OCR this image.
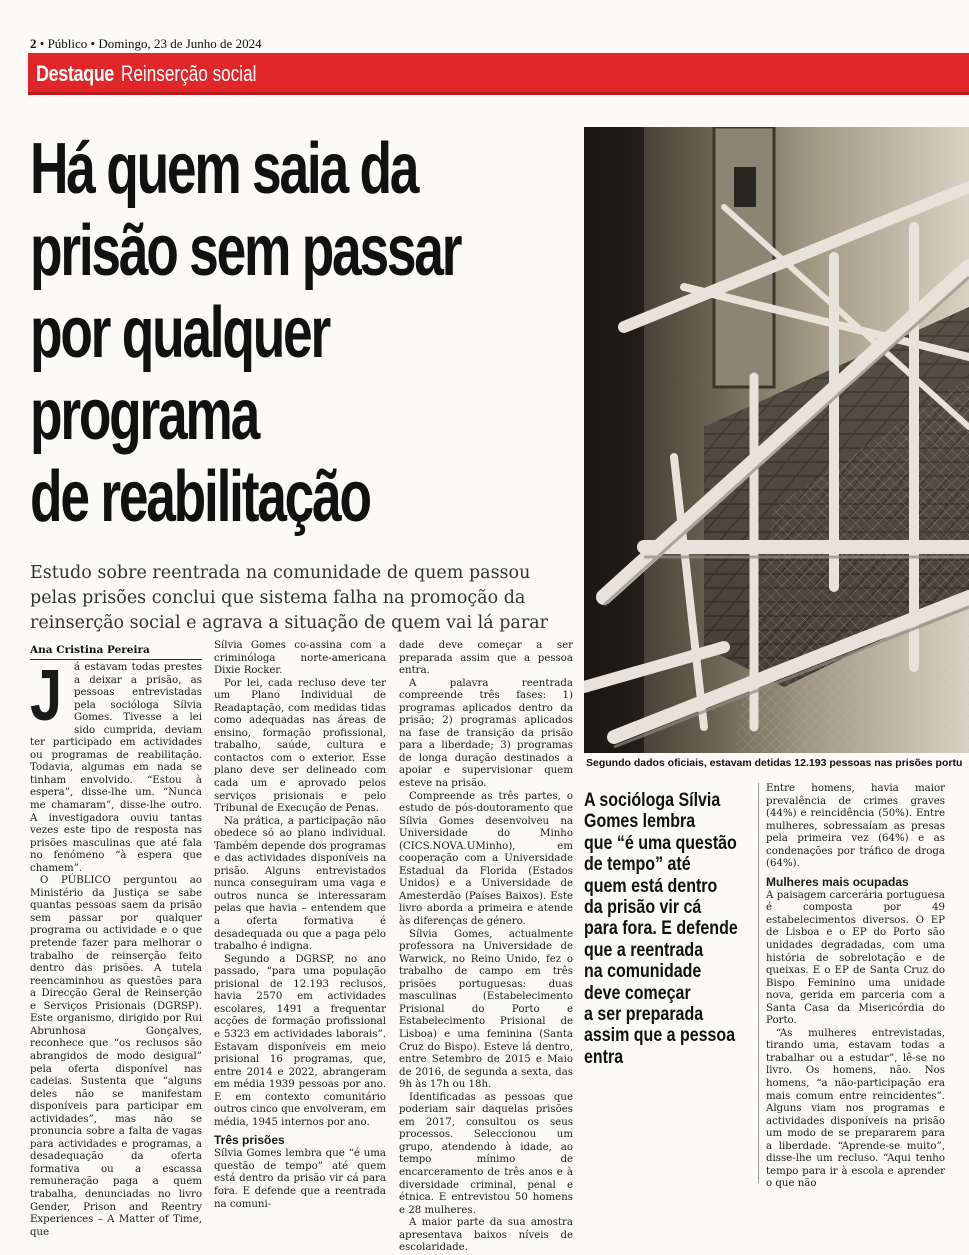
2 • Público • Domingo, 23 de Junho de 2024
Destaque Reinserção social
Há quem saia da
prisão sem passar
por qualquer
programa
de reabilitação
Estudo sobre reentrada na comunidade de quem passou pelas prisões conclui que sistema falha na promoção da reinserção social e agrava a situação de quem vai lá parar
Segundo dados oficiais, estavam detidas 12.193 pessoas nas prisões portu
Ana Cristina Pereira
J	á estavam todas prestes a deixar a prisão, as pessoas entrevistadas pela socióloga Sílvia Gomes. Tivesse a lei sido cumprida, deviam ter participado em actividades ou programas de reabilitação. Todavia, algumas em nada se tinham envolvido. “Estou à espera”, disse-lhe um. “Nunca me chamaram”, disse-lhe outro. A investigadora ouviu tantas vezes este tipo de resposta nas prisões masculinas que até fala no fenómeno “à espera que chamem”.

O PÚBLICO perguntou ao Ministério da Justiça se sabe quantas pessoas saem da prisão sem passar por qualquer programa ou actividade e o que pretende fazer para melhorar o trabalho de reinserção feito dentro das prisões. A tutela reencaminhou as questões para a Direcção Geral de Reinserção e Serviços Prisionais (DGRSP). Este organismo, dirigido por Rui Abrunhosa Gonçalves, reconhece que “os reclusos são abrangidos de modo desigual” pela oferta disponível nas cadeias. Sustenta que “alguns deles não se manifestam disponíveis para participar em actividades”, mas não se pronuncia sobre a falta de vagas para actividades e programas, a desadequação da oferta formativa ou a escassa remuneração paga a quem trabalha, denunciadas no livro Gender, Prison and Reentry Experiences – A Matter of Time, que

Sílvia Gomes co-assina com a criminóloga norte-americana Dixie Rocker.

Por lei, cada recluso deve ter um Plano Individual de Readaptação, com medidas tidas como adequadas nas áreas de ensino, formação profissional, trabalho, saúde, cultura e contactos com o exterior. Esse plano deve ser delineado com cada um e aprovado pelos serviços prisionais e pelo Tribunal de Execução de Penas.

Na prática, a participação não obedece só ao plano individual. Também depende dos programas e das actividades disponíveis na prisão. Alguns entrevistados nunca conseguiram uma vaga e outros nunca se interessaram pelas que havia – entendem que a oferta formativa é desadequada ou que a paga pelo trabalho é indigna.

Segundo a DGRSP, no ano passado, “para uma população prisional de 12.193 reclusos, havia 2570 em actividades escolares, 1491 a frequentar acções de formação profissional e 5323 em actividades laborais”. Estavam disponíveis em meio prisional 16 programas, que, entre 2014 e 2022, abrangeram em média 1939 pessoas por ano. E em contexto comunitário outros cinco que envolveram, em média, 1945 internos por ano.

Três prisões

Sílvia Gomes lembra que “é uma questão de tempo” até quem está dentro da prisão vir cá para fora. E defende que a reentrada na comuni-

dade deve começar a ser preparada assim que a pessoa entra.

A palavra reentrada compreende três fases: 1) programas aplicados dentro da prisão; 2) programas aplicados na fase de transição da prisão para a liberdade; 3) programas de longa duração destinados a apoiar e supervisionar quem esteve na prisão.

Compreende as três partes, o estudo de pós-doutoramento que Sílvia Gomes desenvolveu na Universidade do Minho (CICS.NOVA.UMinho), em cooperação com a Universidade Estadual da Florida (Estados Unidos) e a Universidade de Amesterdão (Países Baixos). Este livro aborda a primeira e atende às diferenças de género.

Sílvia Gomes, actualmente professora na Universidade de Warwick, no Reino Unido, fez o trabalho de campo em três prisões portuguesas: duas masculinas (Estabelecimento Prisional do Porto e Estabelecimento Prisional de Lisboa) e uma feminina (Santa Cruz do Bispo). Esteve lá dentro, entre Setembro de 2015 e Maio de 2016, de segunda a sexta, das 9h às 17h ou 18h.

Identificadas as pessoas que poderiam sair daquelas prisões em 2017, consultou os seus processos. Seleccionou um grupo, atendendo à idade, ao tempo mínimo de encarceramento de três anos e à diversidade criminal, penal e étnica. E entrevistou 50 homens e 28 mulheres.

A maior parte da sua amostra apresentava baixos níveis de escolaridade.

A socióloga Sílvia
Gomes lembra
que “é uma questão
de tempo” até
quem está dentro
da prisão vir cá
para fora. E defende
que a reentrada
na comunidade
deve começar
a ser preparada
assim que a pessoa
entra

Entre homens, havia maior prevalência de crimes graves (44%) e reincidência (50%). Entre mulheres, sobressaíam as presas pela primeira vez (64%) e as condenações por tráfico de droga (64%).

Mulheres mais ocupadas

A paisagem carcerária portuguesa é composta por 49 estabelecimentos diversos. O EP de Lisboa e o EP do Porto são unidades degradadas, com uma história de sobrelotação e de queixas. E o EP de Santa Cruz do Bispo Feminino uma unidade nova, gerida em parceria com a Santa Casa da Misericórdia do Porto.

“As mulheres entrevistadas, tirando uma, estavam todas a trabalhar ou a estudar”, lê-se no livro. Os homens, não. Nos homens, “a não-participação era mais comum entre reincidentes”. Alguns viam nos programas e actividades disponíveis na prisão um modo de se prepararem para a liberdade. “Aprende-se muito”, disse-lhe um recluso. “Aqui tenho tempo para ir à escola e aprender o que não
